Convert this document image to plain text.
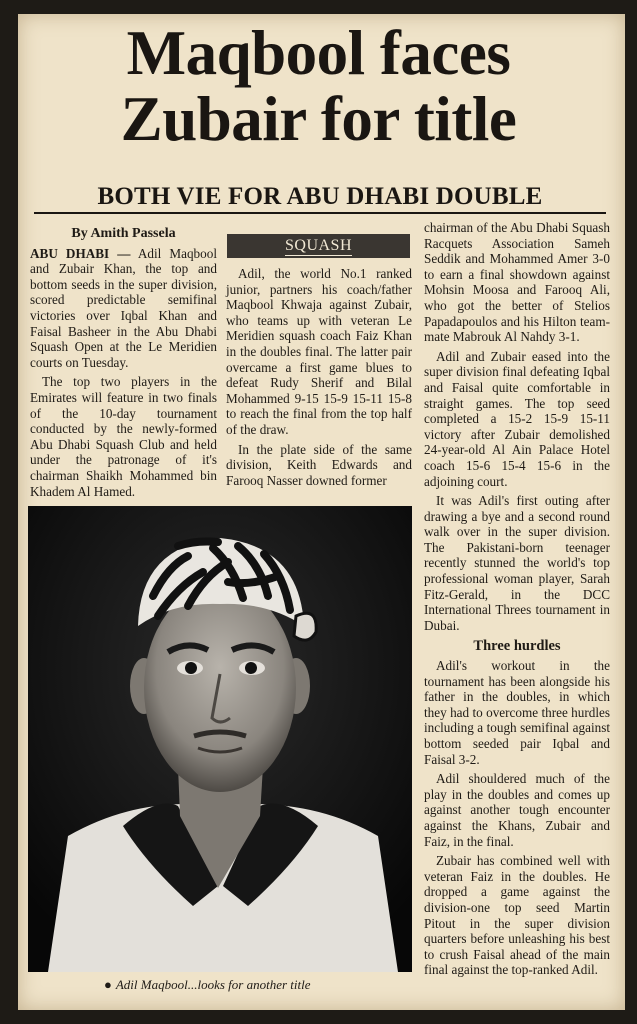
Maqbool faces
Zubair for title
BOTH VIE FOR ABU DHABI DOUBLE

By Amith Passela

ABU DHABI — Adil Maqbool and Zubair Khan, the top and bottom seeds in the super division, scored predictable semifinal victories over Iqbal Khan and Faisal Basheer in the Abu Dhabi Squash Open at the Le Meridien courts on Tuesday.

The top two players in the Emirates will feature in two finals of the 10-day tournament conducted by the newly-formed Abu Dhabi Squash Club and held under the patronage of it's chairman Shaikh Mohammed bin Khadem Al Hamed.

SQUASH

Adil, the world No.1 ranked junior, partners his coach/father Maqbool Khwaja against Zubair, who teams up with veteran Le Meridien squash coach Faiz Khan in the doubles final. The latter pair overcame a first game blues to defeat Rudy Sherif and Bilal Mohammed 9-15 15-9 15-11 15-8 to reach the final from the top half of the draw.

In the plate side of the same division, Keith Edwards and Farooq Nasser downed former

chairman of the Abu Dhabi Squash Racquets Association Sameh Seddik and Mohammed Amer 3-0 to earn a final showdown against Mohsin Moosa and Farooq Ali, who got the better of Stelios Papadapoulos and his Hilton team-mate Mabrouk Al Nahdy 3-1.

Adil and Zubair eased into the super division final defeating Iqbal and Faisal quite comfortable in straight games. The top seed completed a 15-2 15-9 15-11 victory after Zubair demolished 24-year-old Al Ain Palace Hotel coach 15-6 15-4 15-6 in the adjoining court.

It was Adil's first outing after drawing a bye and a second round walk over in the super division. The Pakistani-born teenager recently stunned the world's top professional woman player, Sarah Fitz-Gerald, in the DCC International Threes tournament in Dubai.

Three hurdles

Adil's workout in the tournament has been alongside his father in the doubles, in which they had to overcome three hurdles including a tough semifinal against bottom seeded pair Iqbal and Faisal 3-2.

Adil shouldered much of the play in the doubles and comes up against another tough encounter against the Khans, Zubair and Faiz, in the final.

Zubair has combined well with veteran Faiz in the doubles. He dropped a game against the division-one top seed Martin Pitout in the super division quarters before unleashing his best to crush Faisal ahead of the main final against the top-ranked Adil.

● Adil Maqbool...looks for another title
